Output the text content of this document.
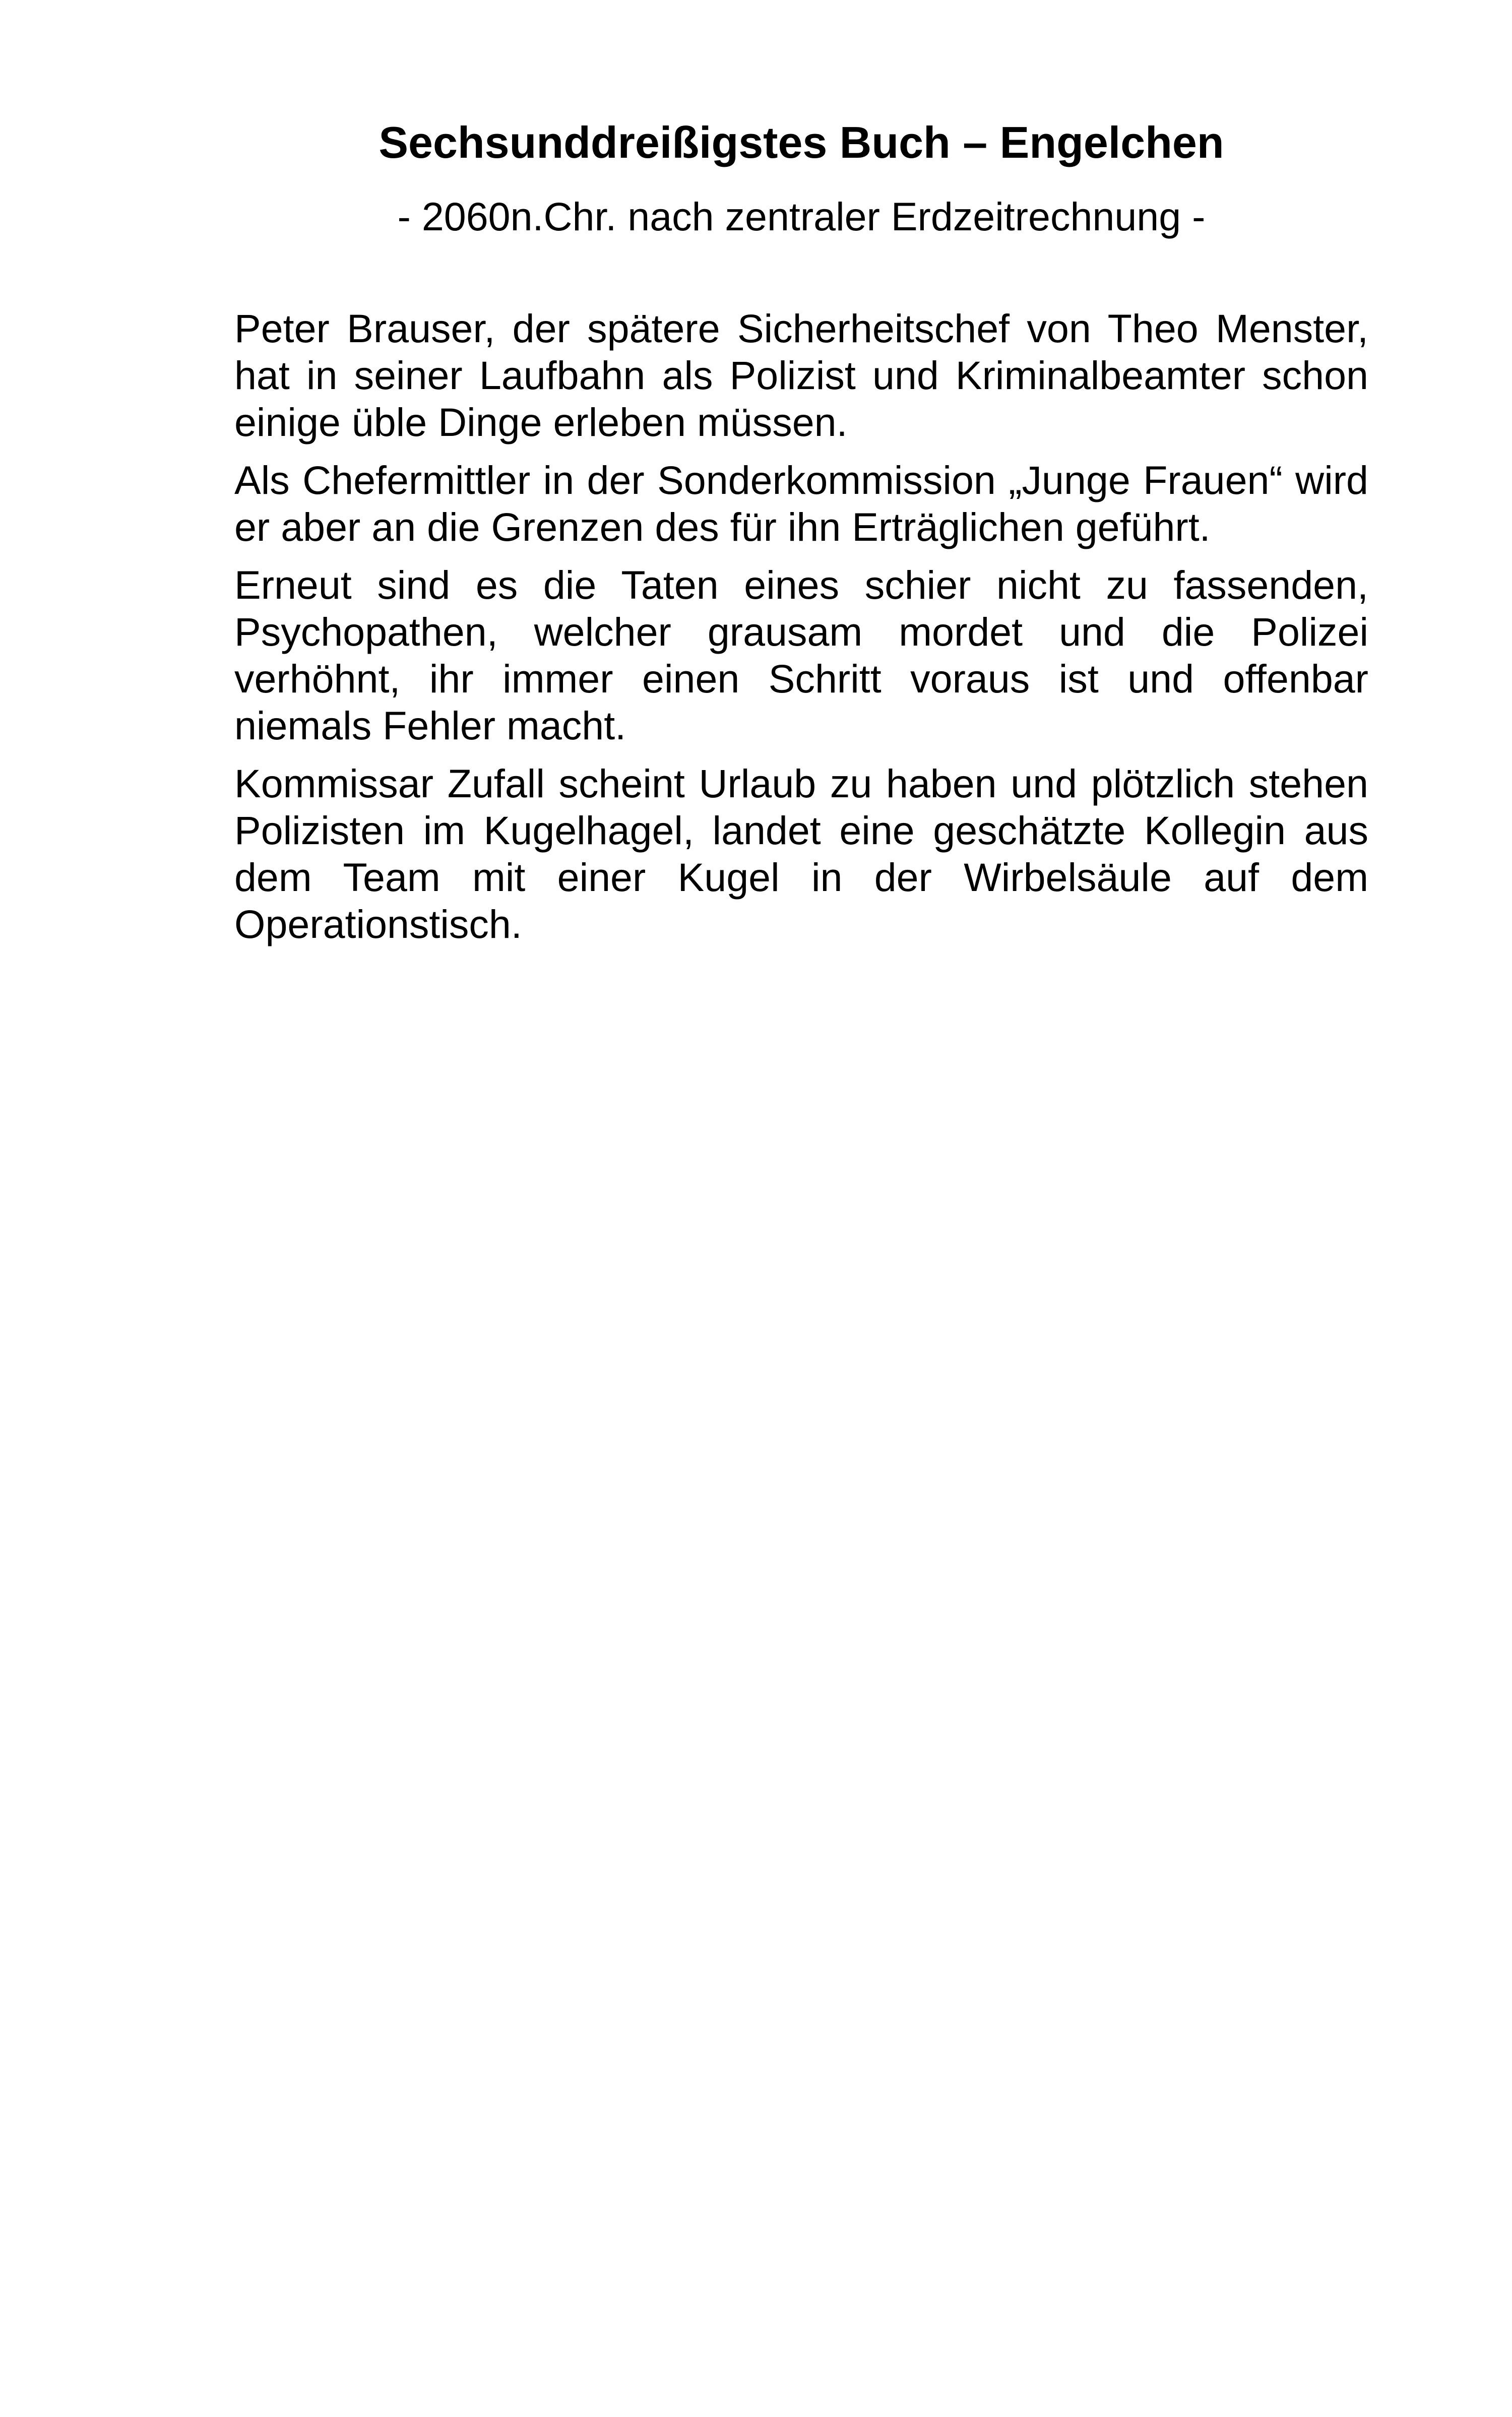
Sechsunddreißigstes Buch – Engelchen

- 2060n.Chr. nach zentraler Erdzeitrechnung -

Peter Brauser, der spätere Sicherheitschef von Theo Menster, hat in seiner Laufbahn als Polizist und Kriminalbeamter schon einige üble Dinge erleben müssen.

Als Chefermittler in der Sonderkommission „Junge Frauen“ wird er aber an die Grenzen des für ihn Erträglichen geführt.

Erneut sind es die Taten eines schier nicht zu fassenden, Psychopathen, welcher grausam mordet und die Polizei verhöhnt, ihr immer einen Schritt voraus ist und offenbar niemals Fehler macht.

Kommissar Zufall scheint Urlaub zu haben und plötzlich stehen Polizisten im Kugelhagel, landet eine geschätzte Kollegin aus dem Team mit einer Kugel in der Wirbelsäule auf dem Operationstisch.
